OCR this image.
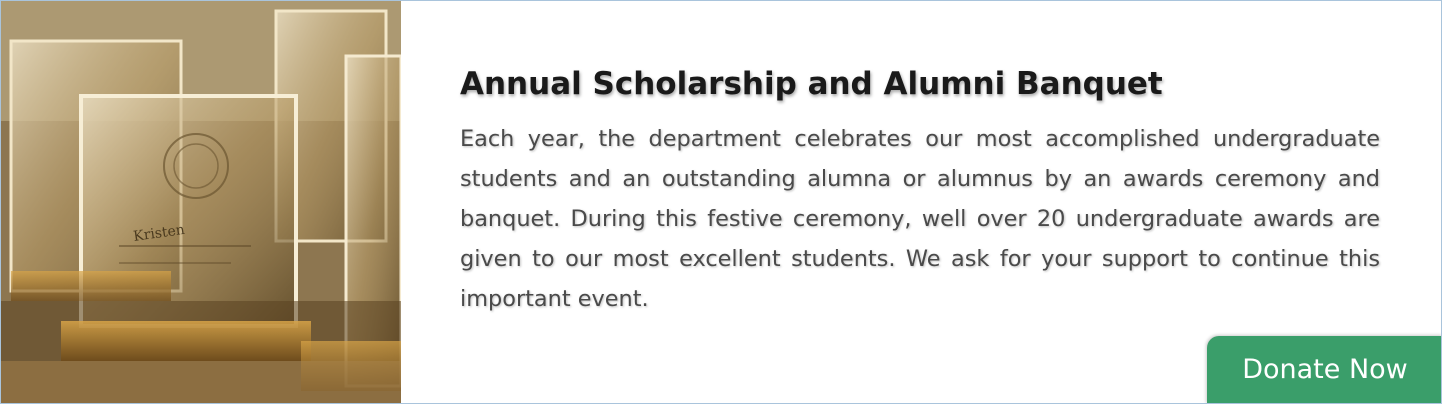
Kristen
Annual Scholarship and Alumni Banquet

Each year, the department celebrates our most accomplished undergraduate students and an outstanding alumna or alumnus by an awards ceremony and banquet. During this festive ceremony, well over 20 undergraduate awards are given to our most excellent students. We ask for your support to continue this important event.

Donate Now
